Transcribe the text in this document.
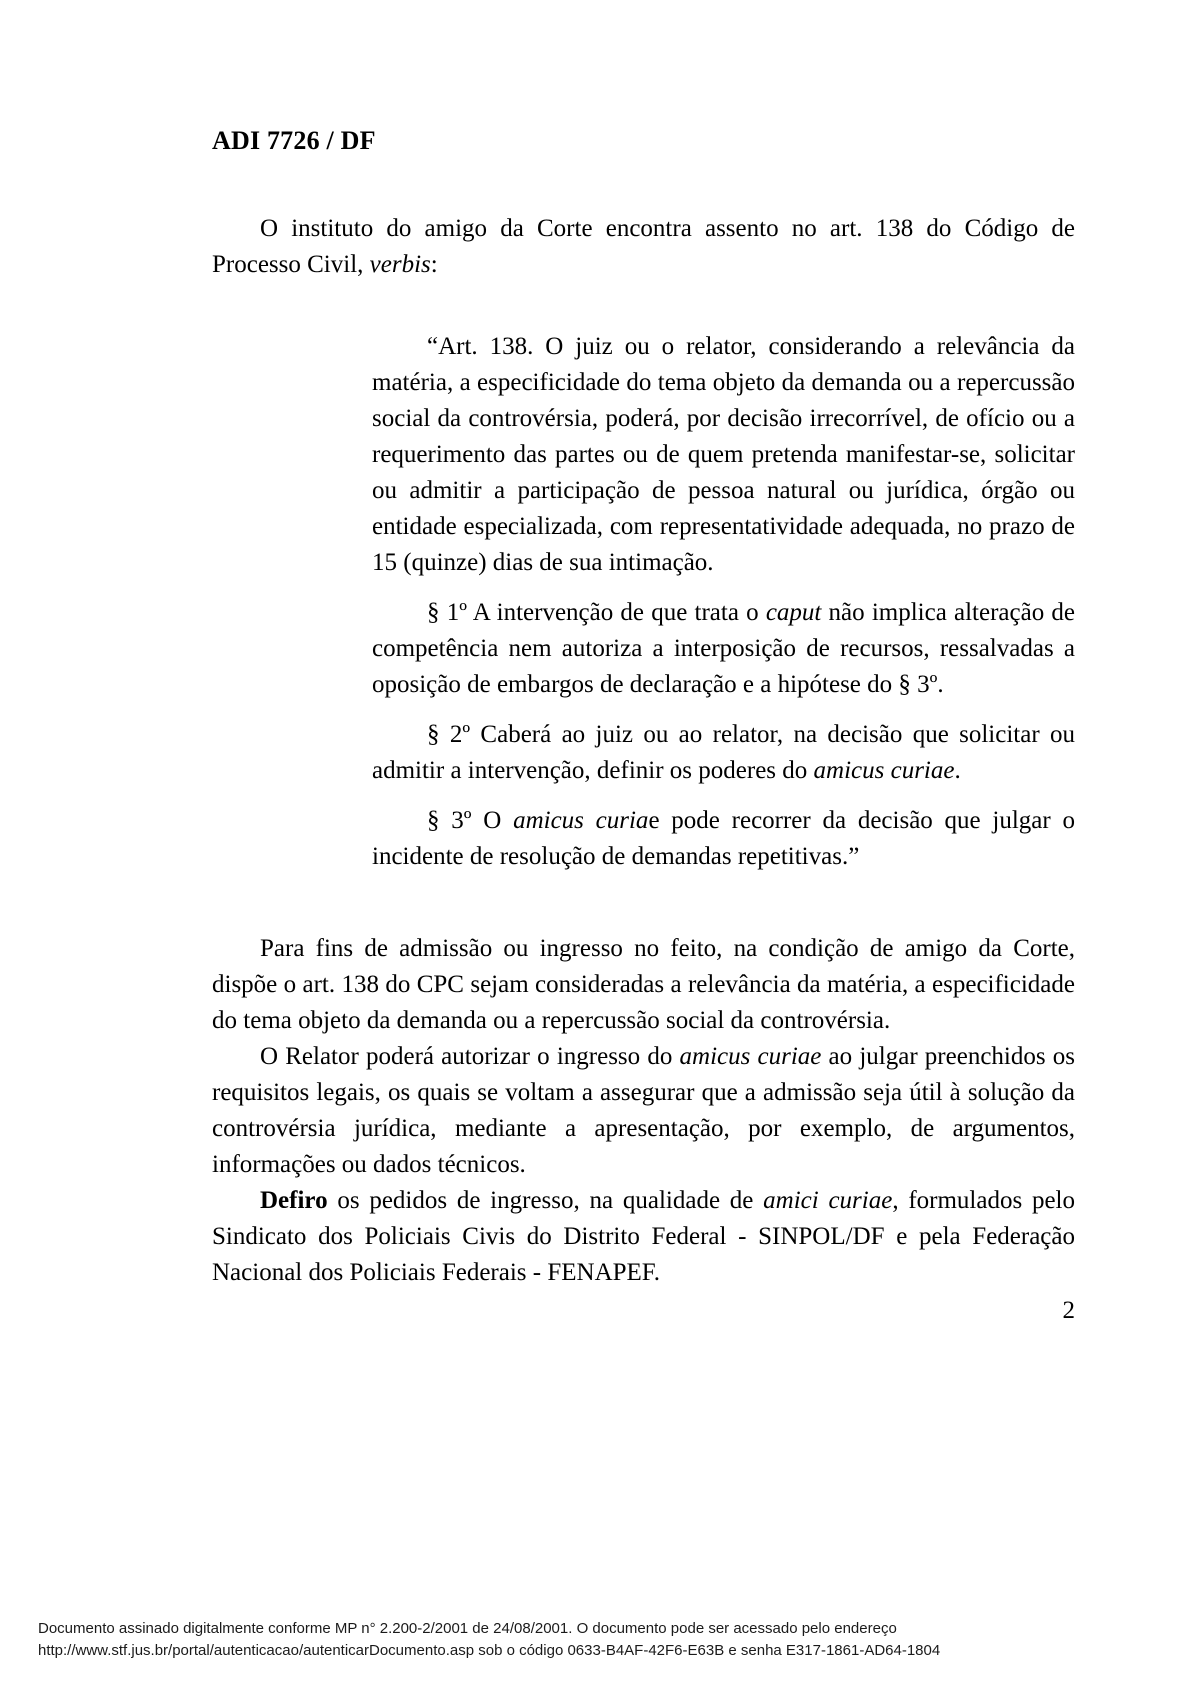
ADI 7726 / DF

O instituto do amigo da Corte encontra assento no art. 138 do Código de Processo Civil, verbis:

“Art. 138. O juiz ou o relator, considerando a relevância da matéria, a especificidade do tema objeto da demanda ou a repercussão social da controvérsia, poderá, por decisão irrecorrível, de ofício ou a requerimento das partes ou de quem pretenda manifestar-se, solicitar ou admitir a participação de pessoa natural ou jurídica, órgão ou entidade especializada, com representatividade adequada, no prazo de 15 (quinze) dias de sua intimação.

§ 1º A intervenção de que trata o caput não implica alteração de competência nem autoriza a interposição de recursos, ressalvadas a oposição de embargos de declaração e a hipótese do § 3º.

§ 2º Caberá ao juiz ou ao relator, na decisão que solicitar ou admitir a intervenção, definir os poderes do amicus curiae.

§ 3º O amicus curiae pode recorrer da decisão que julgar o incidente de resolução de demandas repetitivas.”

Para fins de admissão ou ingresso no feito, na condição de amigo da Corte, dispõe o art. 138 do CPC sejam consideradas a relevância da matéria, a especificidade do tema objeto da demanda ou a repercussão social da controvérsia.

O Relator poderá autorizar o ingresso do amicus curiae ao julgar preenchidos os requisitos legais, os quais se voltam a assegurar que a admissão seja útil à solução da controvérsia jurídica, mediante a apresentação, por exemplo, de argumentos, informações ou dados técnicos.

Defiro os pedidos de ingresso, na qualidade de amici curiae, formulados pelo Sindicato dos Policiais Civis do Distrito Federal - SINPOL/DF e pela Federação Nacional dos Policiais Federais - FENAPEF.

2
Documento assinado digitalmente conforme MP n° 2.200-2/2001 de 24/08/2001. O documento pode ser acessado pelo endereço
http://www.stf.jus.br/portal/autenticacao/autenticarDocumento.asp sob o código 0633-B4AF-42F6-E63B e senha E317-1861-AD64-1804
